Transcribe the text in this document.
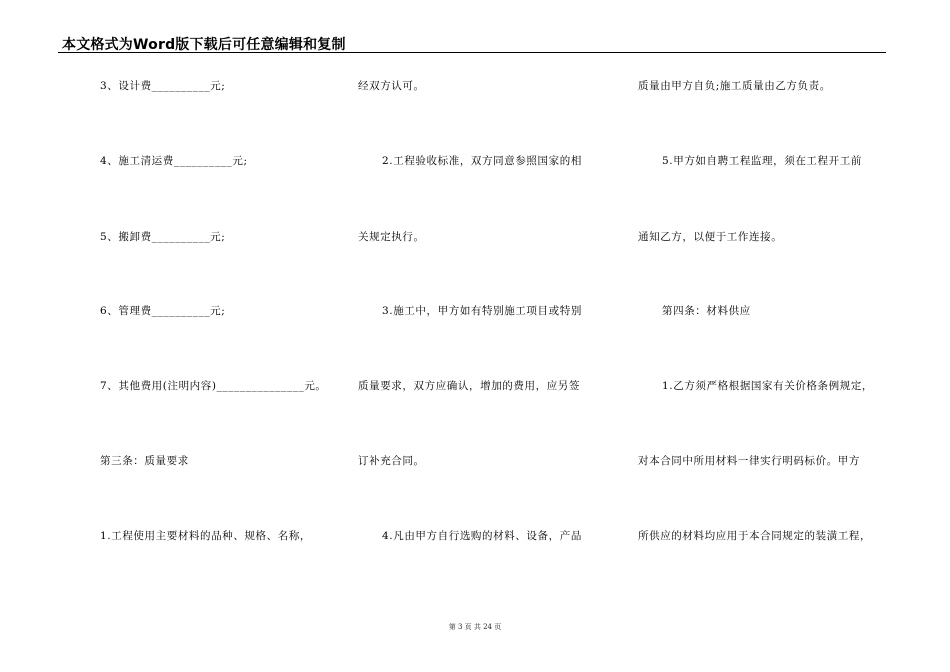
本文格式为Word版下载后可任意编辑和复制
3、设计费__________元;
4、施工清运费__________元;
5、搬卸费__________元;
6、管理费__________元;
7、其他费用(注明内容)_______________元。
第三条：质量要求
1.工程使用主要材料的品种、规格、名称，
经双方认可。
2.工程验收标准，双方同意参照国家的相
关规定执行。
3.施工中，甲方如有特别施工项目或特别
质量要求，双方应确认，增加的费用，应另签
订补充合同。
4.凡由甲方自行选购的材料、设备，产品
质量由甲方自负;施工质量由乙方负责。
5.甲方如自聘工程监理，须在工程开工前
通知乙方，以便于工作连接。
第四条：材料供应
1.乙方须严格根据国家有关价格条例规定，
对本合同中所用材料一律实行明码标价。甲方
所供应的材料均应用于本合同规定的装潢工程，
第 3 页 共 24 页
